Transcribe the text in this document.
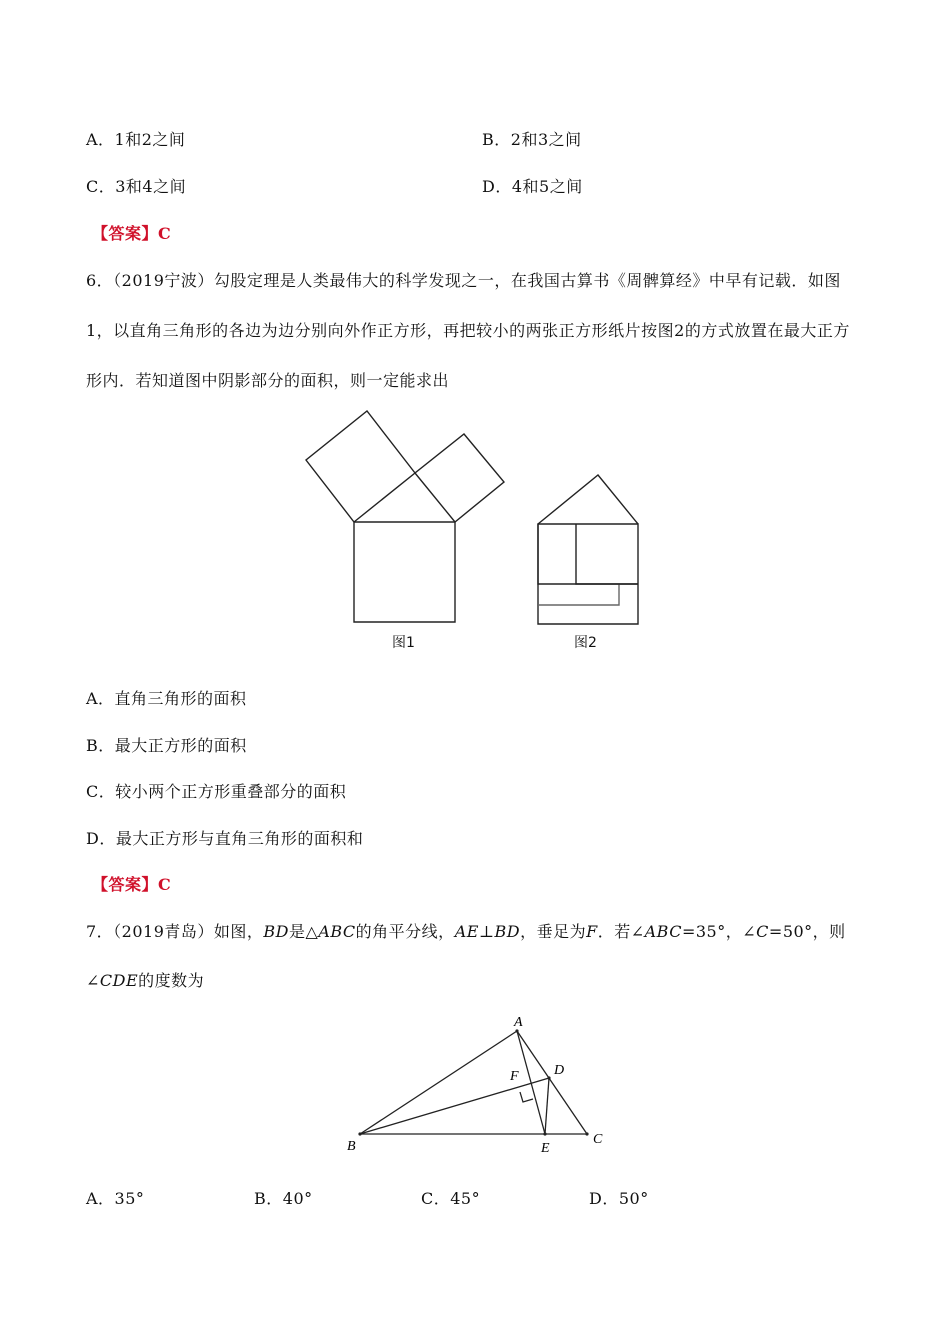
A．1和2之间	B．2和3之间
C．3和4之间	D．4和5之间
【答案】C
6．（2019宁波）勾股定理是人类最伟大的科学发现之一，在我国古算书《周髀算经》中早有记载．如图
1，以直角三角形的各边为边分别向外作正方形，再把较小的两张正方形纸片按图2的方式放置在最大正方
形内．若知道图中阴影部分的面积，则一定能求出
图1	图2
A．直角三角形的面积
B．最大正方形的面积
C．较小两个正方形重叠部分的面积
D．最大正方形与直角三角形的面积和
【答案】C
7．（2019青岛）如图，BD是△ABC的角平分线，AE⊥BD，垂足为F．若∠ABC=35°，∠C=50°，则
∠CDE的度数为
A
B	C
D
E
F
A．35°	B．40°	C．45°	D．50°
